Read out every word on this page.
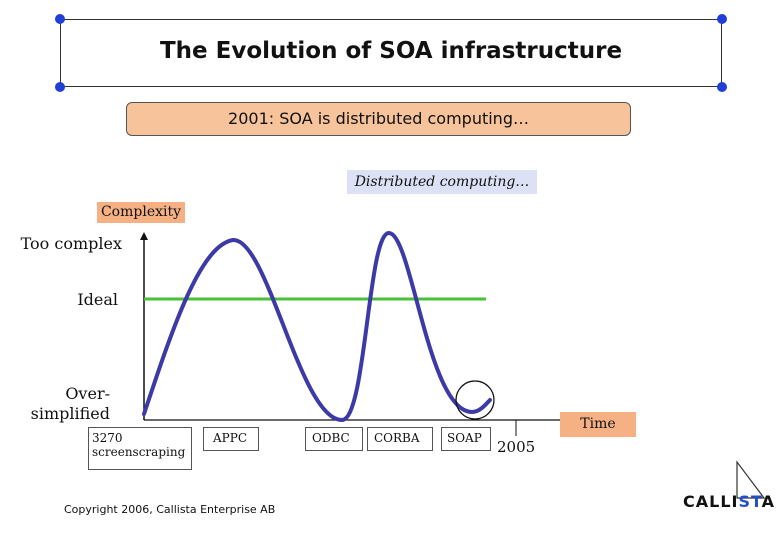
The Evolution of SOA infrastructure
2001: SOA is distributed computing…
Distributed computing…
Complexity
Time
Too complex
Ideal
Over-
simplified
3270
screenscraping
APPC	ODBC	CORBA	SOAP	2005
Copyright 2006, Callista Enterprise AB	CALLISTA
